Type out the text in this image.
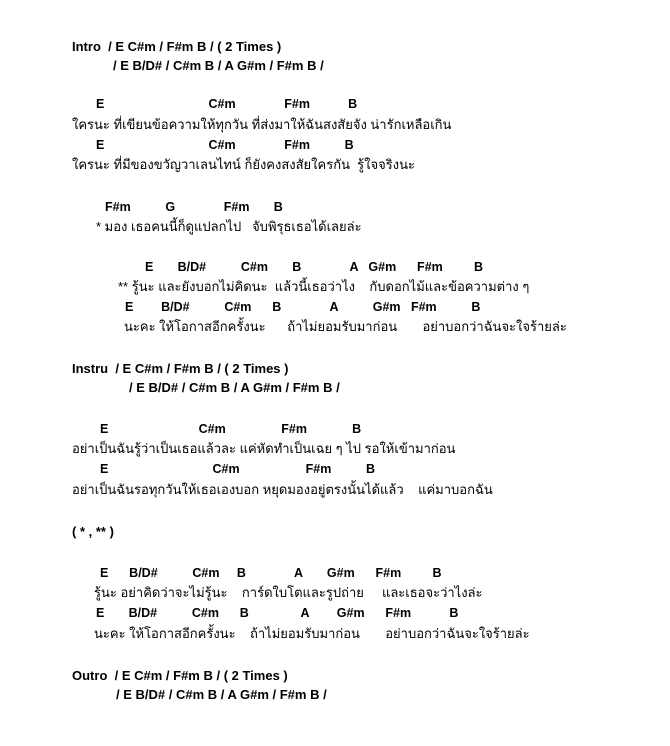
Intro  / E C#m / F#m B / ( 2 Times )
/ E B/D# / C#m B / A G#m / F#m B /
E                              C#m              F#m           B
ใครนะ ที่เขียนข้อความให้ทุกวัน ที่ส่งมาให้ฉันสงสัยจัง น่ารักเหลือเกิน
E                              C#m              F#m          B
ใครนะ ที่มีของขวัญวาเลนไทน์ ก็ยังคงสงสัยใครกัน  รู้ใจจริงนะ
F#m          G              F#m       B
* มอง เธอคนนี้ก็ดูแปลกไป   จับพิรุธเธอได้เลยล่ะ
E       B/D#          C#m       B              A   G#m      F#m         B
** รู้นะ และยังบอกไม่คิดนะ  แล้วนี้เธอว่าไง    กับดอกไม้และข้อความต่าง ๆ
E        B/D#          C#m      B              A          G#m   F#m          B
นะคะ ให้โอกาสอีกครั้งนะ      ถ้าไม่ยอมรับมาก่อน       อย่าบอกว่าฉันจะใจร้ายล่ะ
Instru  / E C#m / F#m B / ( 2 Times )
/ E B/D# / C#m B / A G#m / F#m B /
E                          C#m                F#m             B
อย่าเป็นฉันรู้ว่าเป็นเธอแล้วละ แค่หัดทำเป็นเฉย ๆ ไป รอให้เข้ามาก่อน
E                              C#m                   F#m          B
อย่าเป็นฉันรอทุกวันให้เธอเองบอก หยุดมองอยู่ตรงนั้นได้แล้ว    แค่มาบอกฉัน
( * , ** )
E      B/D#          C#m     B              A       G#m      F#m         B
รู้นะ อย่าคิดว่าจะไม่รู้นะ    การ์ดใบโตและรูปถ่าย     และเธอจะว่าไงล่ะ
E       B/D#          C#m      B               A        G#m      F#m           B
นะคะ ให้โอกาสอีกครั้งนะ    ถ้าไม่ยอมรับมาก่อน       อย่าบอกว่าฉันจะใจร้ายล่ะ
Outro  / E C#m / F#m B / ( 2 Times )
/ E B/D# / C#m B / A G#m / F#m B /
